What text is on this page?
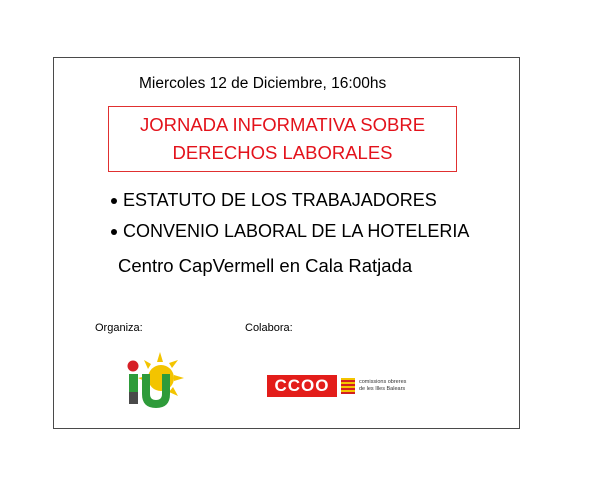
Miercoles 12 de Diciembre, 16:00hs
JORNADA INFORMATIVA SOBRE
DERECHOS LABORALES
ESTATUTO DE LOS TRABAJADORES
CONVENIO LABORAL DE LA HOTELERIA
Centro CapVermell en Cala Ratjada
Organiza:	Colabora:
CCOO	comissions obreres
de les Illes Balears
